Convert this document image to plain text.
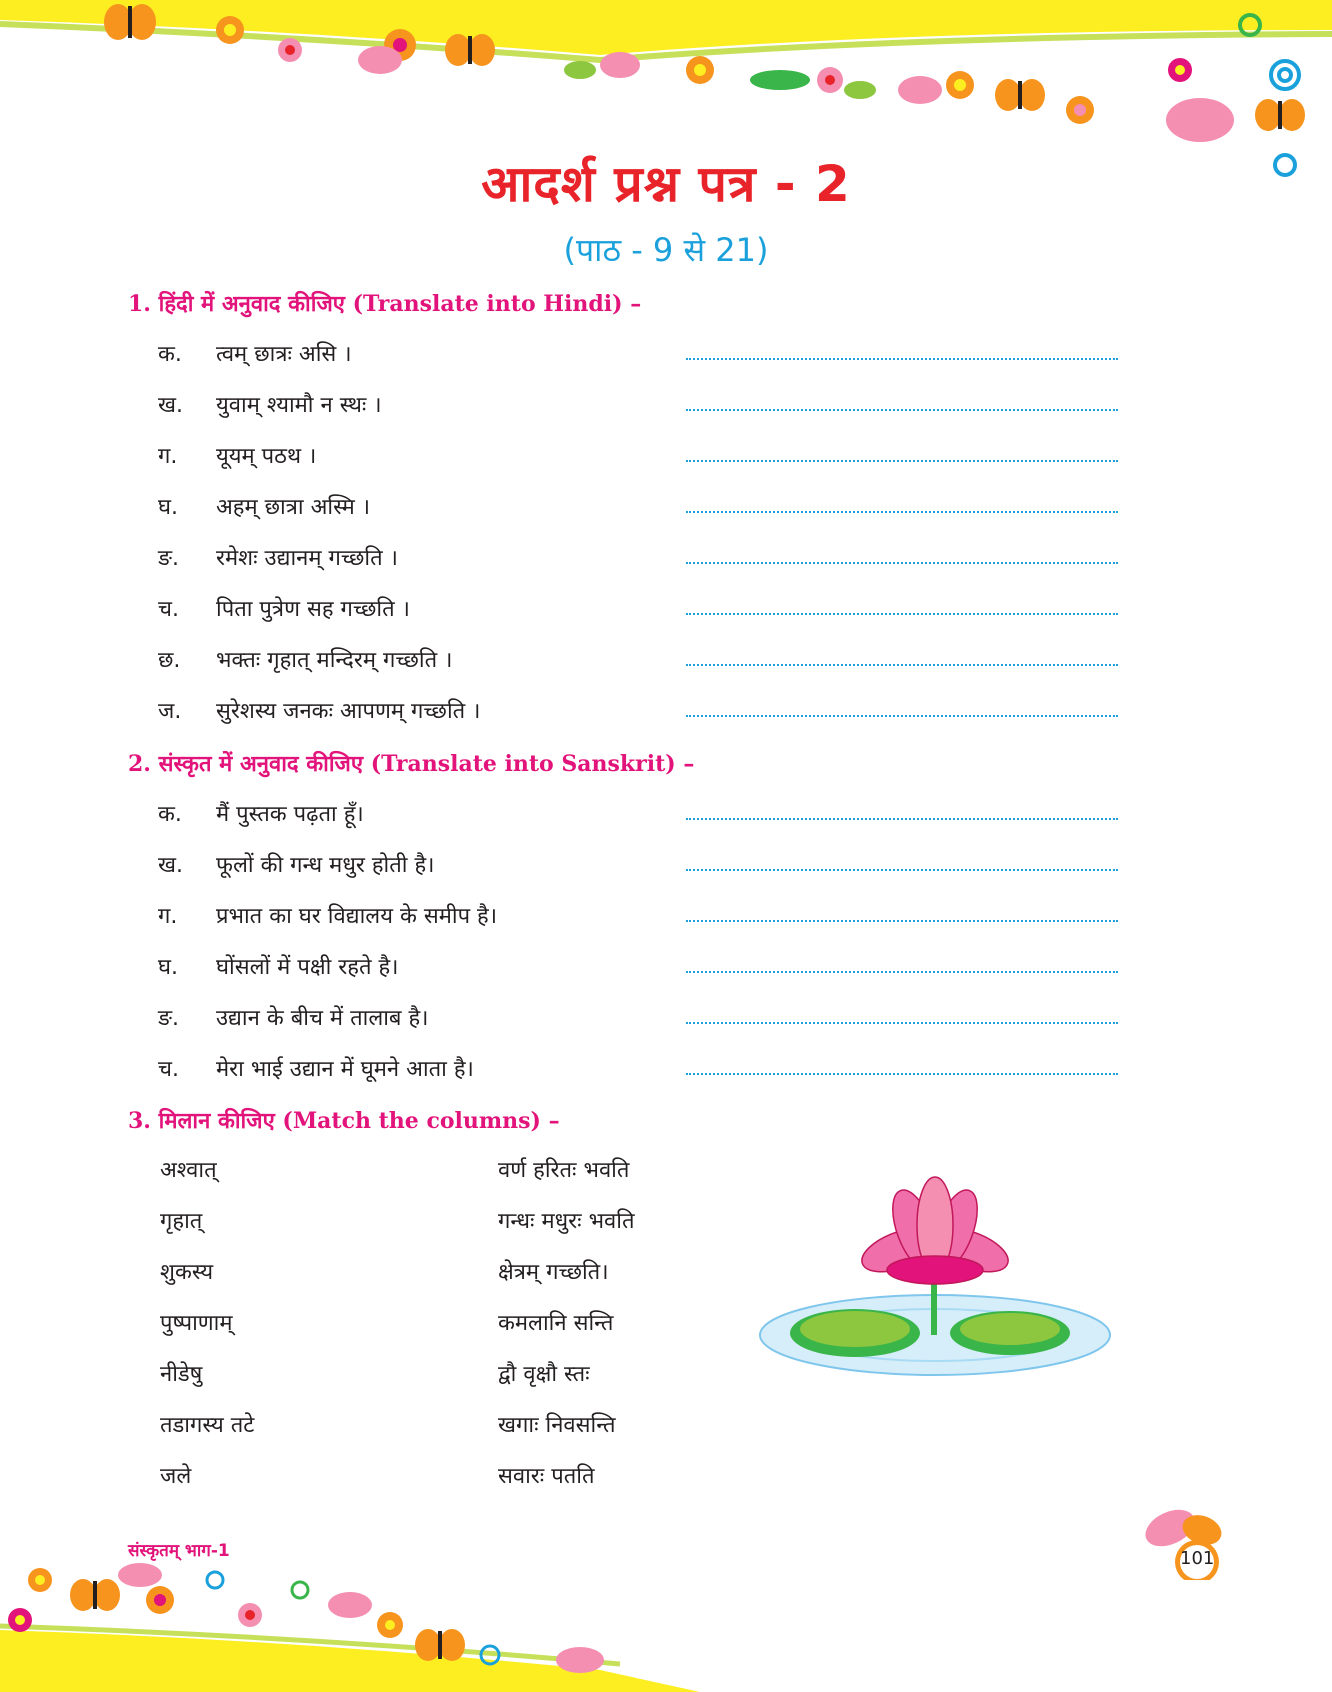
आदर्श प्रश्न पत्र - 2
(पाठ - 9 से 21)
1. हिंदी में अनुवाद कीजिए (Translate into Hindi) –
क. त्वम् छात्रः असि ।
ख. युवाम् श्यामौ न स्थः ।
ग. यूयम् पठथ ।
घ. अहम् छात्रा अस्मि ।
ङ. रमेशः उद्यानम् गच्छति ।
च. पिता पुत्रेण सह गच्छति ।
छ. भक्तः गृहात् मन्दिरम् गच्छति ।
ज. सुरेशस्य जनकः आपणम् गच्छति ।
2. संस्कृत में अनुवाद कीजिए (Translate into Sanskrit) –
क. मैं पुस्तक पढ़ता हूँ।
ख. फूलों की गन्ध मधुर होती है।
ग. प्रभात का घर विद्यालय के समीप है।
घ. घोंसलों में पक्षी रहते है।
ङ. उद्यान के बीच में तालाब है।
च. मेरा भाई उद्यान में घूमने आता है।
3. मिलान कीजिए (Match the columns) –
अश्वात्
गृहात्
शुकस्य
पुष्पाणाम्
नीडेषु
तडागस्य तटे
जले
वर्ण हरितः भवति
गन्धः मधुरः भवति
क्षेत्रम् गच्छति।
कमलानि सन्ति
द्वौ वृक्षौ स्तः
खगाः निवसन्ति
सवारः पतति
संस्कृतम् भाग-1	101
